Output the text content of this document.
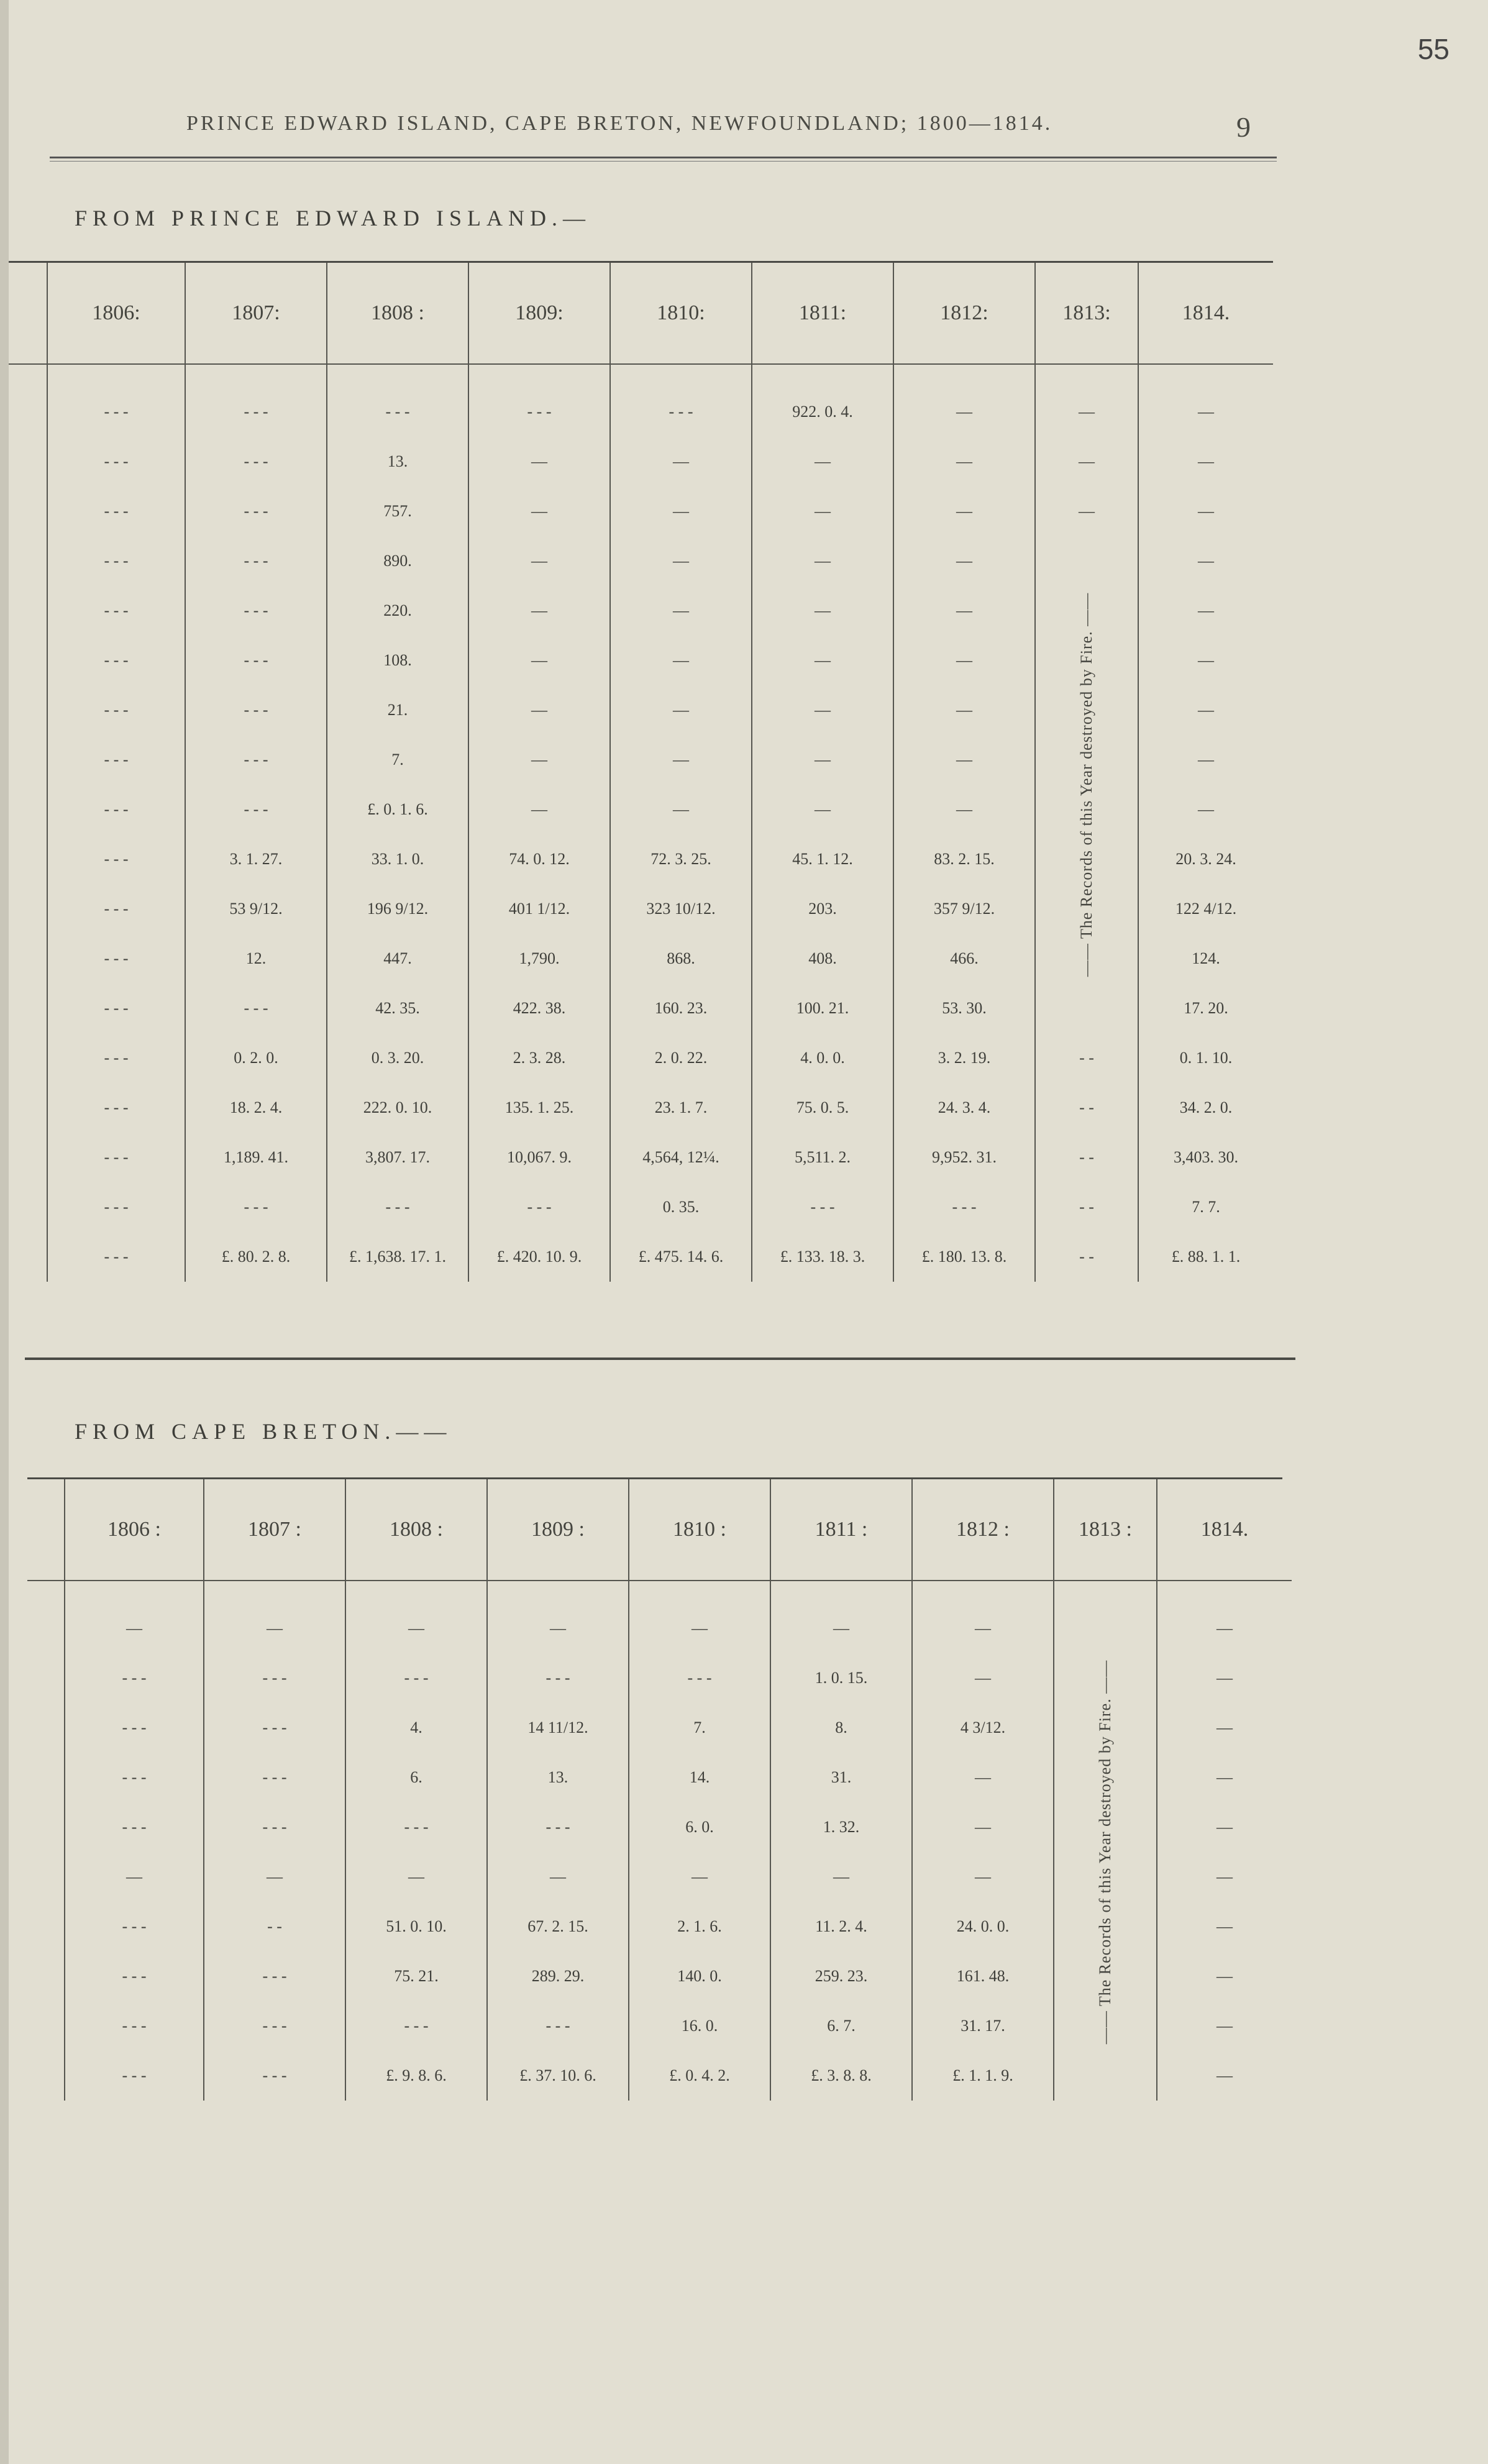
55
PRINCE EDWARD ISLAND, CAPE BRETON, NEWFOUNDLAND; 1800—1814.	9
FROM PRINCE EDWARD ISLAND.—
	1806:	1807:	1808 :	1809:	1810:	1811:	1812:	1813:	1814.

	- - -	- - -	- - -	- - -	- - -	922. 0. 4.	—	—	—
	- - -	- - -	13.	—	—	—	—	—	—
	- - -	- - -	757.	—	—	—	—	—	—
	- - -	- - -	890.	—	—	—	—	—— The Records of this Year destroyed by Fire. ——	—
	- - -	- - -	220.	—	—	—	—		—
	- - -	- - -	108.	—	—	—	—		—
	- - -	- - -	21.	—	—	—	—		—
	- - -	- - -	7.	—	—	—	—		—
	- - -	- - -	£. 0. 1. 6.	—	—	—	—		—
	- - -	3. 1. 27.	33. 1. 0.	74. 0. 12.	72. 3. 25.	45. 1. 12.	83. 2. 15.		20. 3. 24.
	- - -	53 9/12.	196 9/12.	401 1/12.	323 10/12.	203.	357 9/12.		122 4/12.
	- - -	12.	447.	1,790.	868.	408.	466.		124.
	- - -	- - -	42. 35.	422. 38.	160. 23.	100. 21.	53. 30.		17. 20.
	- - -	0. 2. 0.	0. 3. 20.	2. 3. 28.	2. 0. 22.	4. 0. 0.	3. 2. 19.	- -	0. 1. 10.
	- - -	18. 2. 4.	222. 0. 10.	135. 1. 25.	23. 1. 7.	75. 0. 5.	24. 3. 4.	- -	34. 2. 0.
	- - -	1,189. 41.	3,807. 17.	10,067. 9.	4,564, 12¼.	5,511. 2.	9,952. 31.	- -	3,403. 30.
	- - -	- - -	- - -	- - -	0. 35.	- - -	- - -	- -	7. 7.
	- - -	£. 80. 2. 8.	£. 1,638. 17. 1.	£. 420. 10. 9.	£. 475. 14. 6.	£. 133. 18. 3.	£. 180. 13. 8.	- -	£. 88. 1. 1.
FROM CAPE BRETON.——
	1806 :	1807 :	1808 :	1809 :	1810 :	1811 :	1812 :	1813 :	1814.

	—	—	—	—	—	—	—	—— The Records of this Year destroyed by Fire. ——	—
	- - -	- - -	- - -	- - -	- - -	1. 0. 15.	—		—
	- - -	- - -	4.	14 11/12.	7.	8.	4 3/12.		—
	- - -	- - -	6.	13.	14.	31.	—		—
	- - -	- - -	- - -	- - -	6. 0.	1. 32.	—		—
	—	—	—	—	—	—	—		—
	- - -	- -	51. 0. 10.	67. 2. 15.	2. 1. 6.	11. 2. 4.	24. 0. 0.		—
	- - -	- - -	75. 21.	289. 29.	140. 0.	259. 23.	161. 48.		—
	- - -	- - -	- - -	- - -	16. 0.	6. 7.	31. 17.		—
	- - -	- - -	£. 9. 8. 6.	£. 37. 10. 6.	£. 0. 4. 2.	£. 3. 8. 8.	£. 1. 1. 9.		—
